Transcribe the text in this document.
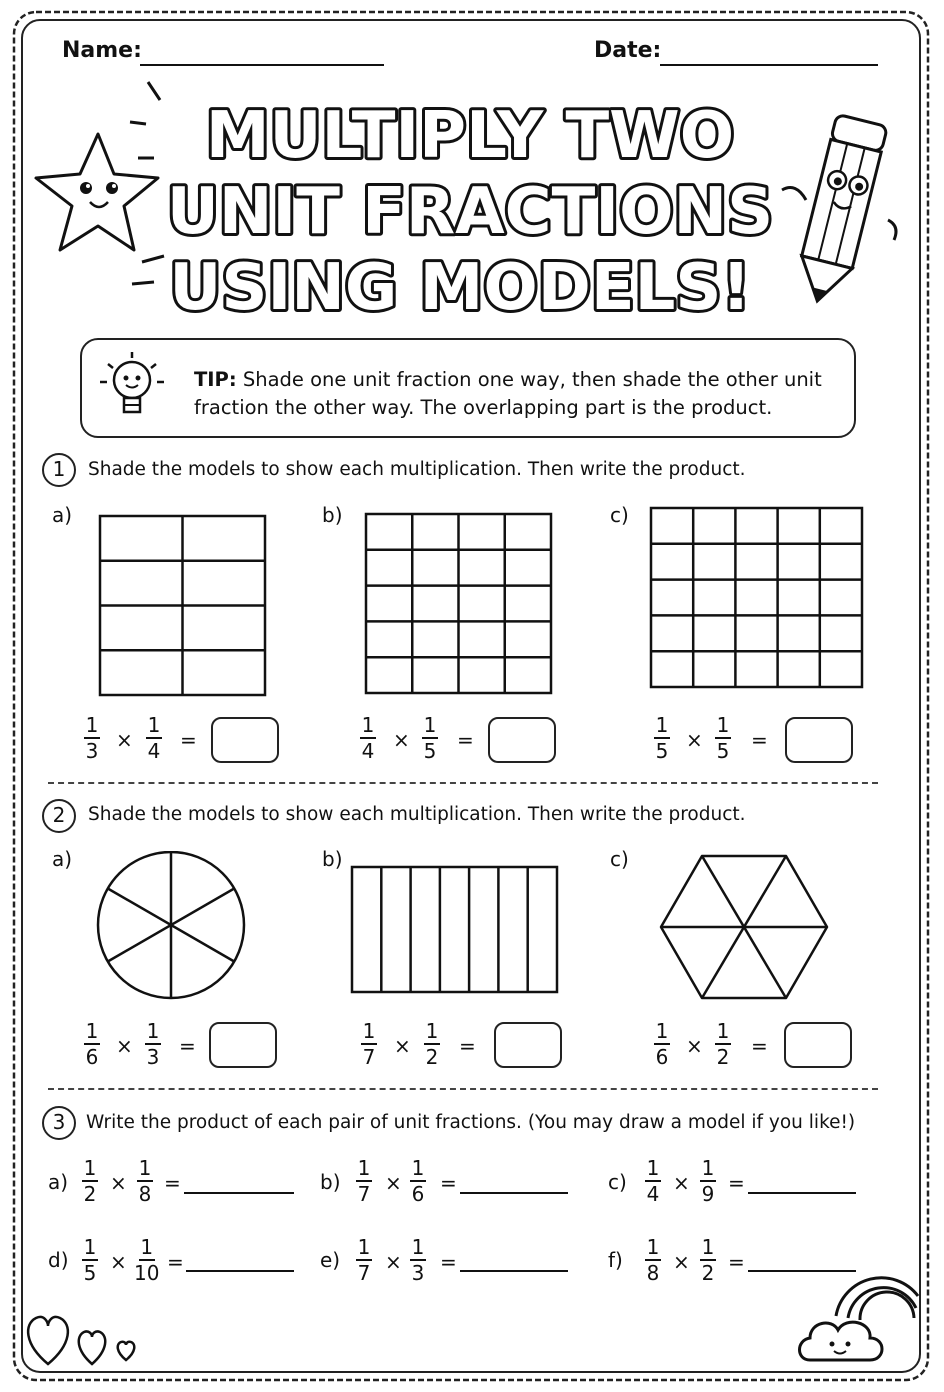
Name:	Date:
MULTIPLY TWO
UNIT FRACTIONS
USING MODELS!
TIP: Shade one unit fraction one way, then shade the other unit fraction the other way. The overlapping part is the product.
1	Shade the models to show each multiplication. Then write the product.
a)	b)	c)
1
3 ×
1
4 =
1
4 ×
1
5 =
1
5 ×
1
5 =
2	Shade the models to show each multiplication. Then write the product.
a)	b)	c)
1
6 ×
1
3 =
1
7 ×
1
2 =
1
6 ×
1
2 =
3	Write the product of each pair of unit fractions. (You may draw a model if you like!)
a)
1
2 ×
1
8 =	b)
1
7 ×
1
6 =	c)
1
4 ×
1
9 =
d)
1
5 ×
1
10 =	e)
1
7 ×
1
3 =	f)
1
8 ×
1
2 =
